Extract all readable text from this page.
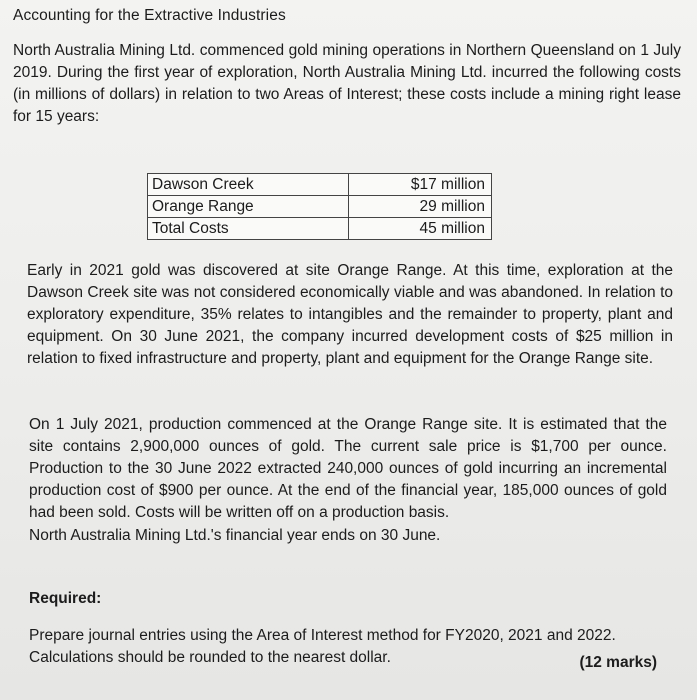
Accounting for the Extractive Industries

North Australia Mining Ltd. commenced gold mining operations in Northern Queensland on 1 July 2019. During the first year of exploration, North Australia Mining Ltd. incurred the following costs (in millions of dollars) in relation to two Areas of Interest; these costs include a mining right lease for 15 years:

Dawson Creek	$17 million
Orange Range	29 million
Total Costs	45 million

Early in 2021 gold was discovered at site Orange Range. At this time, exploration at the Dawson Creek site was not considered economically viable and was abandoned. In relation to exploratory expenditure, 35% relates to intangibles and the remainder to property, plant and equipment. On 30 June 2021, the company incurred development costs of $25 million in relation to fixed infrastructure and property, plant and equipment for the Orange Range site.

On 1 July 2021, production commenced at the Orange Range site. It is estimated that the site contains 2,900,000 ounces of gold. The current sale price is $1,700 per ounce. Production to the 30 June 2022 extracted 240,000 ounces of gold incurring an incremental production cost of $900 per ounce. At the end of the financial year, 185,000 ounces of gold had been sold. Costs will be written off on a production basis.

North Australia Mining Ltd.'s financial year ends on 30 June.
Required:

Prepare journal entries using the Area of Interest method for FY2020, 2021 and 2022. Calculations should be rounded to the nearest dollar.	(12 marks)
